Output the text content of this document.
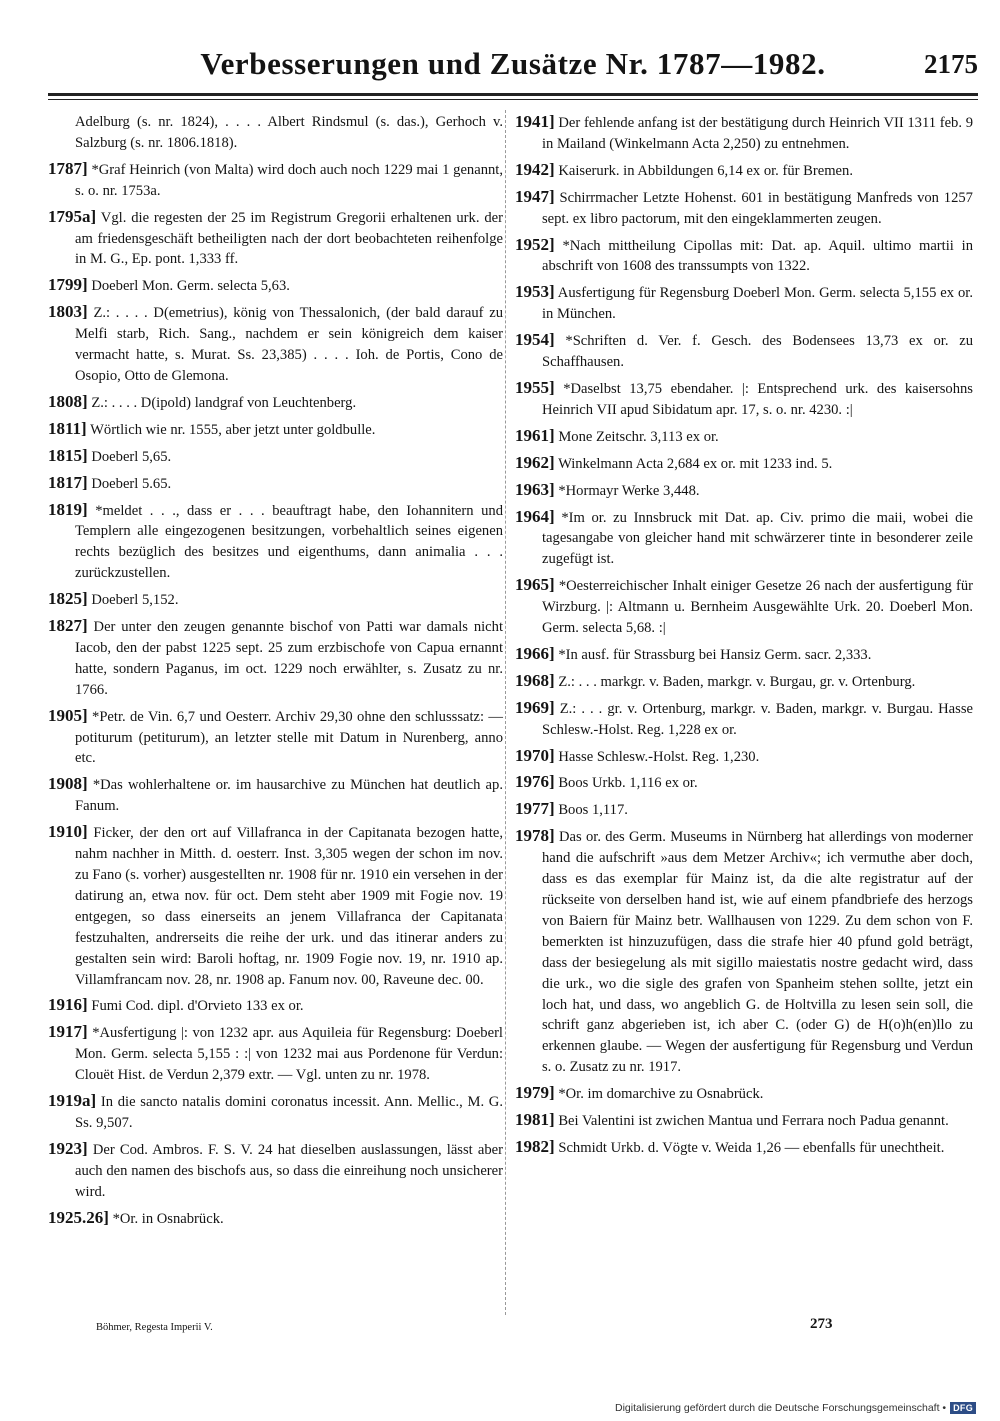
Verbesserungen und Zusätze Nr. 1787—1982.	2175

Adelburg (s. nr. 1824), . . . . Albert Rindsmul (s. das.), Gerhoch v. Salzburg (s. nr. 1806.1818).

1787] *Graf Heinrich (von Malta) wird doch auch noch 1229 mai 1 genannt, s. o. nr. 1753a.

1795a] Vgl. die regesten der 25 im Registrum Gregorii erhaltenen urk. der am friedensgeschäft betheiligten nach der dort beobachteten reihenfolge in M. G., Ep. pont. 1,333 ff.

1799] Doeberl Mon. Germ. selecta 5,63.

1803] Z.: . . . . D(emetrius), könig von Thessalonich, (der bald darauf zu Melfi starb, Rich. Sang., nachdem er sein königreich dem kaiser vermacht hatte, s. Murat. Ss. 23,385) . . . . Ioh. de Portis, Cono de Osopio, Otto de Glemona.

1808] Z.: . . . . D(ipold) landgraf von Leuchtenberg.

1811] Wörtlich wie nr. 1555, aber jetzt unter goldbulle.

1815] Doeberl 5,65.

1817] Doeberl 5.65.

1819] *meldet . . ., dass er . . . beauftragt habe, den Iohannitern und Templern alle eingezogenen besitzungen, vorbehaltlich seines eigenen rechts bezüglich des besitzes und eigenthums, dann animalia . . . zurückzustellen.

1825] Doeberl 5,152.

1827] Der unter den zeugen genannte bischof von Patti war damals nicht Iacob, den der pabst 1225 sept. 25 zum erzbischofe von Capua ernannt hatte, sondern Paganus, im oct. 1229 noch erwählter, s. Zusatz zu nr. 1766.

1905] *Petr. de Vin. 6,7 und Oesterr. Archiv 29,30 ohne den schlusssatz: — potiturum (petiturum), an letzter stelle mit Datum in Nurenberg, anno etc.

1908] *Das wohlerhaltene or. im hausarchive zu München hat deutlich ap. Fanum.

1910] Ficker, der den ort auf Villafranca in der Capitanata bezogen hatte, nahm nachher in Mitth. d. oesterr. Inst. 3,305 wegen der schon im nov. zu Fano (s. vorher) ausgestellten nr. 1908 für nr. 1910 ein versehen in der datirung an, etwa nov. für oct. Dem steht aber 1909 mit Fogie nov. 19 entgegen, so dass einerseits an jenem Villafranca der Capitanata festzuhalten, andrerseits die reihe der urk. und das itinerar anders zu gestalten sein wird: Baroli hoftag, nr. 1909 Fogie nov. 19, nr. 1910 ap. Villamfrancam nov. 28, nr. 1908 ap. Fanum nov. 00, Raveune dec. 00.

1916] Fumi Cod. dipl. d'Orvieto 133 ex or.

1917] *Ausfertigung |: von 1232 apr. aus Aquileia für Regensburg: Doeberl Mon. Germ. selecta 5,155 : :| von 1232 mai aus Pordenone für Verdun: Clouët Hist. de Verdun 2,379 extr. — Vgl. unten zu nr. 1978.

1919a] In die sancto natalis domini coronatus incessit. Ann. Mellic., M. G. Ss. 9,507.

1923] Der Cod. Ambros. F. S. V. 24 hat dieselben auslassungen, lässt aber auch den namen des bischofs aus, so dass die einreihung noch unsicherer wird.

1925.26] *Or. in Osnabrück.

1941] Der fehlende anfang ist der bestätigung durch Heinrich VII 1311 feb. 9 in Mailand (Winkelmann Acta 2,250) zu entnehmen.

1942] Kaiserurk. in Abbildungen 6,14 ex or. für Bremen.

1947] Schirrmacher Letzte Hohenst. 601 in bestätigung Manfreds von 1257 sept. ex libro pactorum, mit den eingeklammerten zeugen.

1952] *Nach mittheilung Cipollas mit: Dat. ap. Aquil. ultimo martii in abschrift von 1608 des transsumpts von 1322.

1953] Ausfertigung für Regensburg Doeberl Mon. Germ. selecta 5,155 ex or. in München.

1954] *Schriften d. Ver. f. Gesch. des Bodensees 13,73 ex or. zu Schaffhausen.

1955] *Daselbst 13,75 ebendaher. |: Entsprechend urk. des kaisersohns Heinrich VII apud Sibidatum apr. 17, s. o. nr. 4230. :|

1961] Mone Zeitschr. 3,113 ex or.

1962] Winkelmann Acta 2,684 ex or. mit 1233 ind. 5.

1963] *Hormayr Werke 3,448.

1964] *Im or. zu Innsbruck mit Dat. ap. Civ. primo die maii, wobei die tagesangabe von gleicher hand mit schwärzerer tinte in besonderer zeile zugefügt ist.

1965] *Oesterreichischer Inhalt einiger Gesetze 26 nach der ausfertigung für Wirzburg. |: Altmann u. Bernheim Ausgewählte Urk. 20. Doeberl Mon. Germ. selecta 5,68. :|

1966] *In ausf. für Strassburg bei Hansiz Germ. sacr. 2,333.

1968] Z.: . . . markgr. v. Baden, markgr. v. Burgau, gr. v. Ortenburg.

1969] Z.: . . . gr. v. Ortenburg, markgr. v. Baden, markgr. v. Burgau. Hasse Schlesw.-Holst. Reg. 1,228 ex or.

1970] Hasse Schlesw.-Holst. Reg. 1,230.

1976] Boos Urkb. 1,116 ex or.

1977] Boos 1,117.

1978] Das or. des Germ. Museums in Nürnberg hat allerdings von moderner hand die aufschrift »aus dem Metzer Archiv«; ich vermuthe aber doch, dass es das exemplar für Mainz ist, da die alte registratur auf der rückseite von derselben hand ist, wie auf einem pfandbriefe des herzogs von Baiern für Mainz betr. Wallhausen von 1229. Zu dem schon von F. bemerkten ist hinzuzufügen, dass die strafe hier 40 pfund gold beträgt, dass der besiegelung als mit sigillo maiestatis nostre gedacht wird, dass die urk., wo die sigle des grafen von Spanheim stehen sollte, jetzt ein loch hat, und dass, wo angeblich G. de Holtvilla zu lesen sein soll, die schrift ganz abgerieben ist, ich aber C. (oder G) de H(o)h(en)llo zu erkennen glaube. — Wegen der ausfertigung für Regensburg und Verdun s. o. Zusatz zu nr. 1917.

1979] *Or. im domarchive zu Osnabrück.

1981] Bei Valentini ist zwichen Mantua und Ferrara noch Padua genannt.

1982] Schmidt Urkb. d. Vögte v. Weida 1,26 — ebenfalls für unechtheit.

Böhmer, Regesta Imperii V.	273
Digitalisierung gefördert durch die Deutsche Forschungsgemeinschaft • DFG
